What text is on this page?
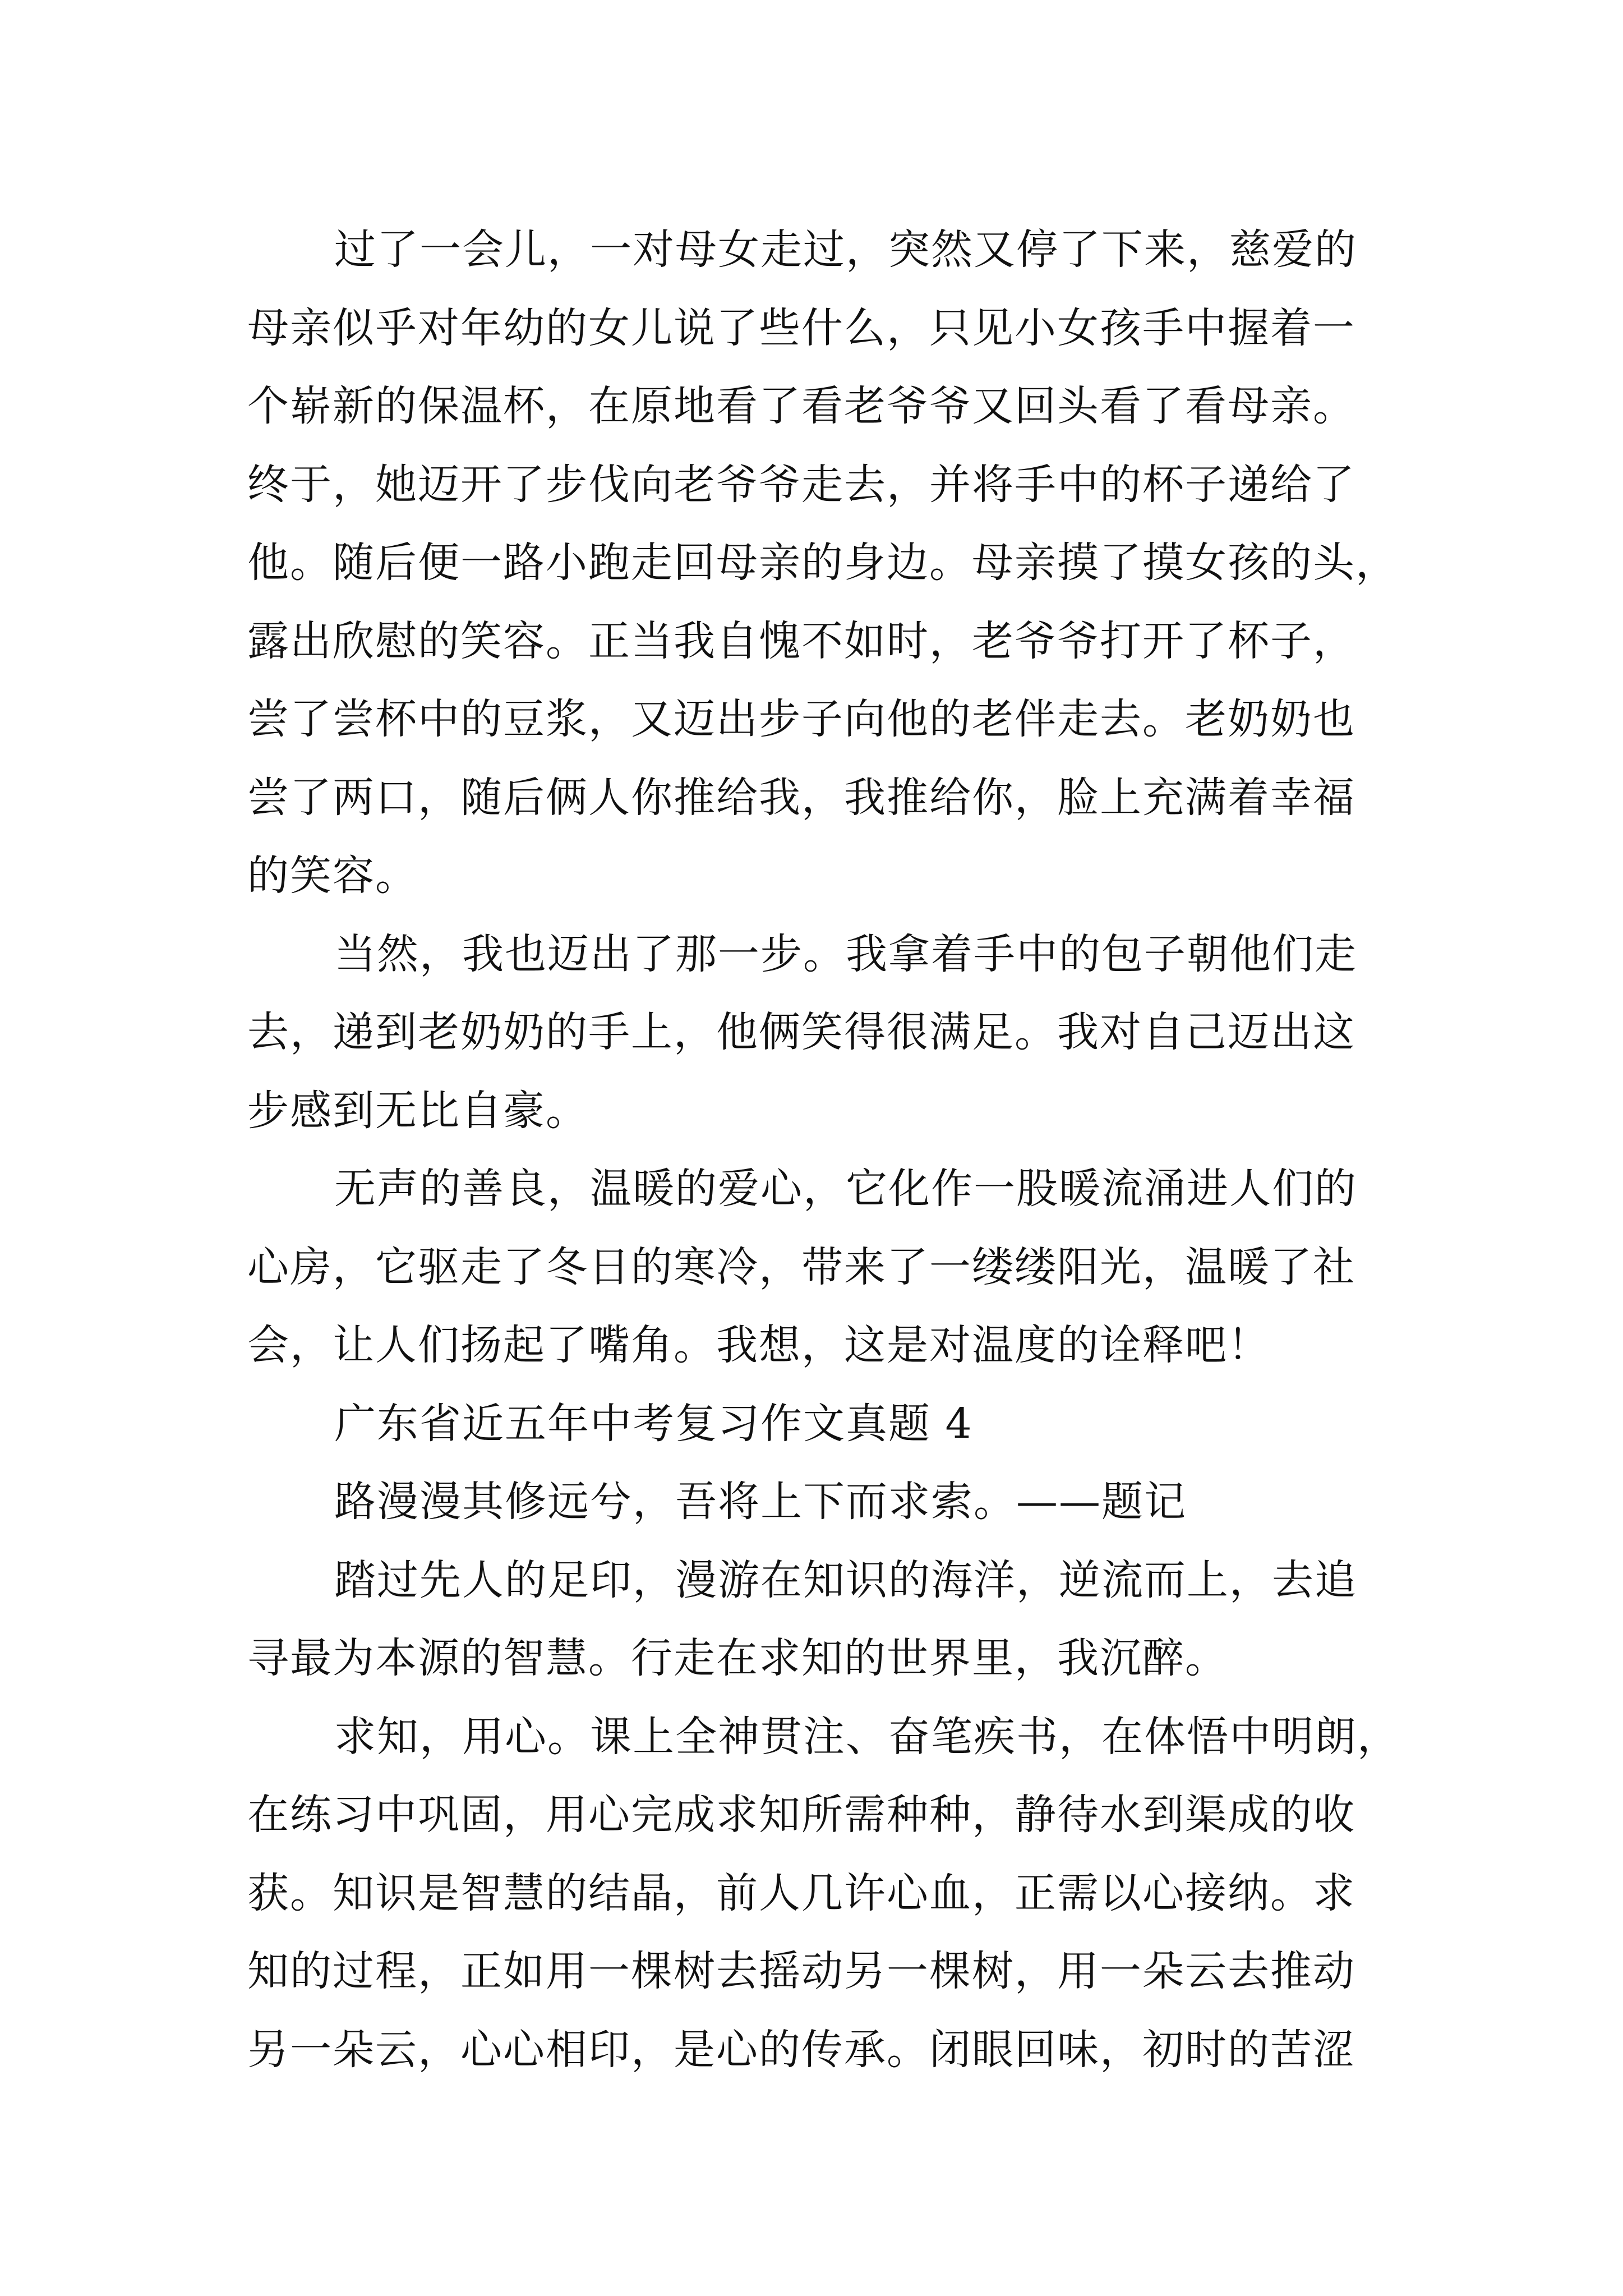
过了一会儿，一对母女走过，突然又停了下来，慈爱的
母亲似乎对年幼的女儿说了些什么，只见小女孩手中握着一
个崭新的保温杯，在原地看了看老爷爷又回头看了看母亲。
终于，她迈开了步伐向老爷爷走去，并将手中的杯子递给了
他。随后便一路小跑走回母亲的身边。母亲摸了摸女孩的头，
露出欣慰的笑容。正当我自愧不如时，老爷爷打开了杯子，
尝了尝杯中的豆浆，又迈出步子向他的老伴走去。老奶奶也
尝了两口，随后俩人你推给我，我推给你，脸上充满着幸福
的笑容。
当然，我也迈出了那一步。我拿着手中的包子朝他们走
去，递到老奶奶的手上，他俩笑得很满足。我对自己迈出这
步感到无比自豪。
无声的善良，温暖的爱心，它化作一股暖流涌进人们的
心房，它驱走了冬日的寒冷，带来了一缕缕阳光，温暖了社
会，让人们扬起了嘴角。我想，这是对温度的诠释吧！
广东省近五年中考复习作文真题 4
路漫漫其修远兮，吾将上下而求索。——题记
踏过先人的足印，漫游在知识的海洋，逆流而上，去追
寻最为本源的智慧。行走在求知的世界里，我沉醉。
求知，用心。课上全神贯注、奋笔疾书，在体悟中明朗，
在练习中巩固，用心完成求知所需种种，静待水到渠成的收
获。知识是智慧的结晶，前人几许心血，正需以心接纳。求
知的过程，正如用一棵树去摇动另一棵树，用一朵云去推动
另一朵云，心心相印，是心的传承。闭眼回味，初时的苦涩
